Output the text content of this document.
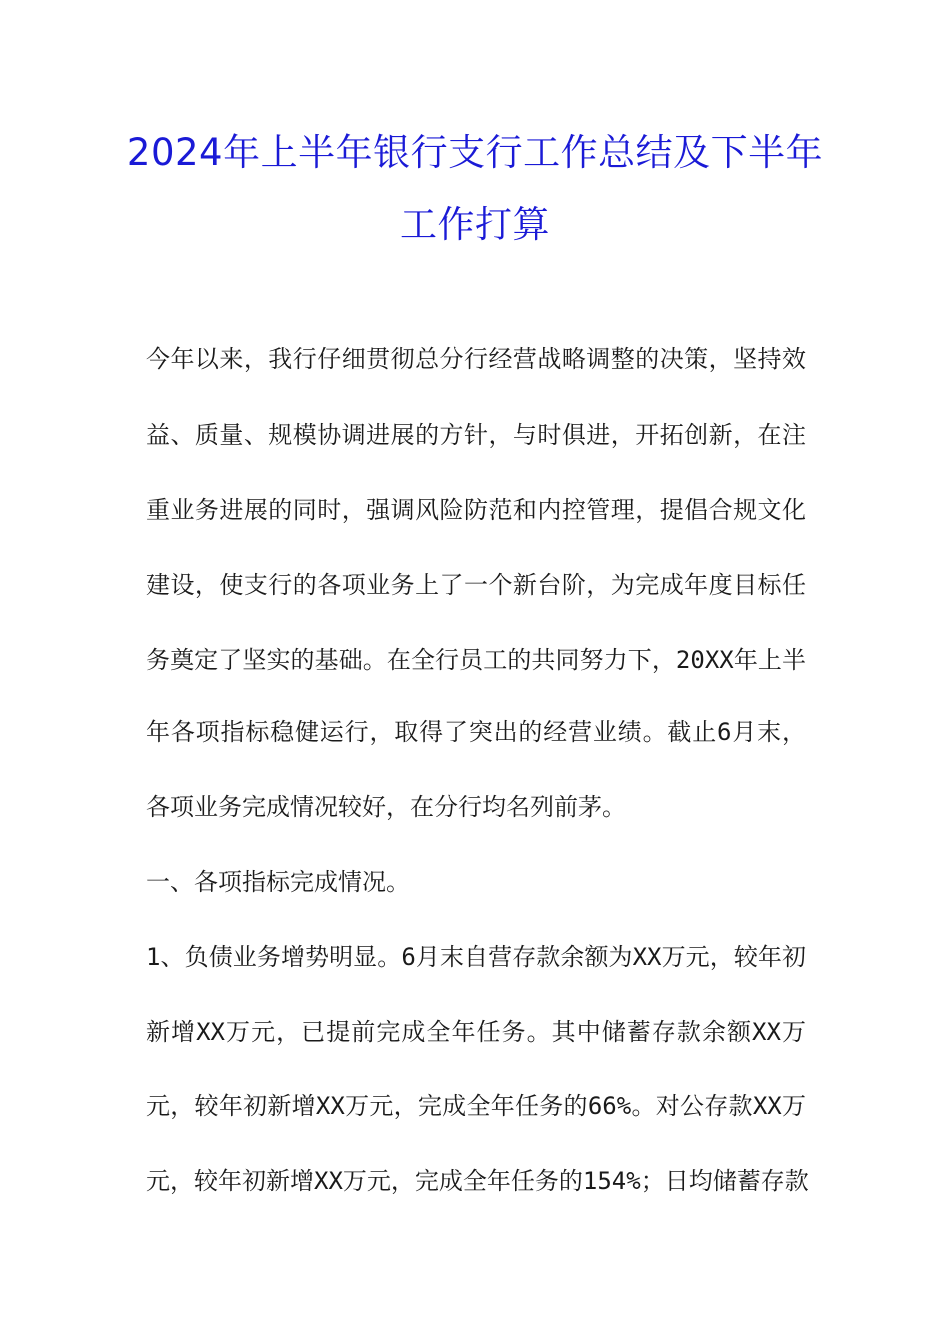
2024年上半年银行支行工作总结及下半年
工作打算
今年以来，我行仔细贯彻总分行经营战略调整的决策，坚持效
益、质量、规模协调进展的方针，与时俱进，开拓创新，在注
重业务进展的同时，强调风险防范和内控管理，提倡合规文化
建设，使支行的各项业务上了一个新台阶，为完成年度目标任
务奠定了坚实的基础。在全行员工的共同努力下，20XX年上半
年各项指标稳健运行，取得了突出的经营业绩。截止6月末，
各项业务完成情况较好，在分行均名列前茅。
一、各项指标完成情况。
1、负债业务增势明显。6月末自营存款余额为XX万元，较年初
新增XX万元，已提前完成全年任务。其中储蓄存款余额XX万
元，较年初新增XX万元，完成全年任务的66%。对公存款XX万
元，较年初新增XX万元，完成全年任务的154%；日均储蓄存款
